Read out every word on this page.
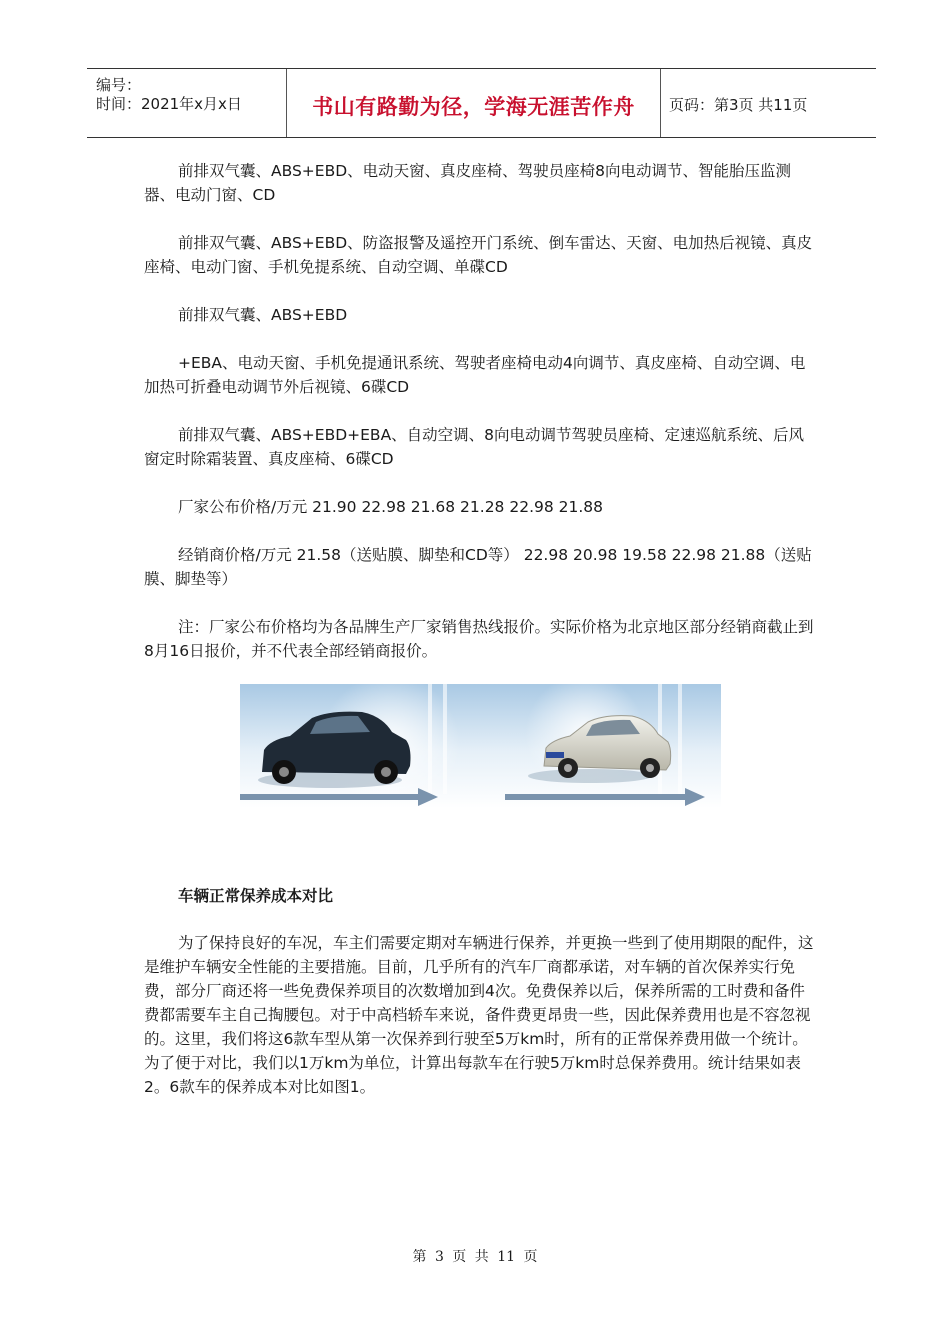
编号：
时间：2021年x月x日	书山有路勤为径，学海无涯苦作舟	页码：第3页 共11页

前排双气囊、ABS+EBD、电动天窗、真皮座椅、驾驶员座椅8向电动调节、智能胎压监测器、电动门窗、CD

前排双气囊、ABS+EBD、防盗报警及遥控开门系统、倒车雷达、天窗、电加热后视镜、真皮座椅、电动门窗、手机免提系统、自动空调、单碟CD

前排双气囊、ABS+EBD

+EBA、电动天窗、手机免提通讯系统、驾驶者座椅电动4向调节、真皮座椅、自动空调、电加热可折叠电动调节外后视镜、6碟CD

前排双气囊、ABS+EBD+EBA、自动空调、8向电动调节驾驶员座椅、定速巡航系统、后风窗定时除霜装置、真皮座椅、6碟CD

厂家公布价格/万元 21.90 22.98 21.68 21.28 22.98 21.88

经销商价格/万元 21.58（送贴膜、脚垫和CD等） 22.98 20.98 19.58 22.98 21.88（送贴膜、脚垫等）

注：厂家公布价格均为各品牌生产厂家销售热线报价。实际价格为北京地区部分经销商截止到8月16日报价，并不代表全部经销商报价。

车辆正常保养成本对比

为了保持良好的车况，车主们需要定期对车辆进行保养，并更换一些到了使用期限的配件，这是维护车辆安全性能的主要措施。目前，几乎所有的汽车厂商都承诺，对车辆的首次保养实行免费，部分厂商还将一些免费保养项目的次数增加到4次。免费保养以后，保养所需的工时费和备件费都需要车主自己掏腰包。对于中高档轿车来说，备件费更昂贵一些，因此保养费用也是不容忽视的。这里，我们将这6款车型从第一次保养到行驶至5万km时，所有的正常保养费用做一个统计。为了便于对比，我们以1万km为单位，计算出每款车在行驶5万km时总保养费用。统计结果如表2。6款车的保养成本对比如图1。

第 3 页 共 11 页
